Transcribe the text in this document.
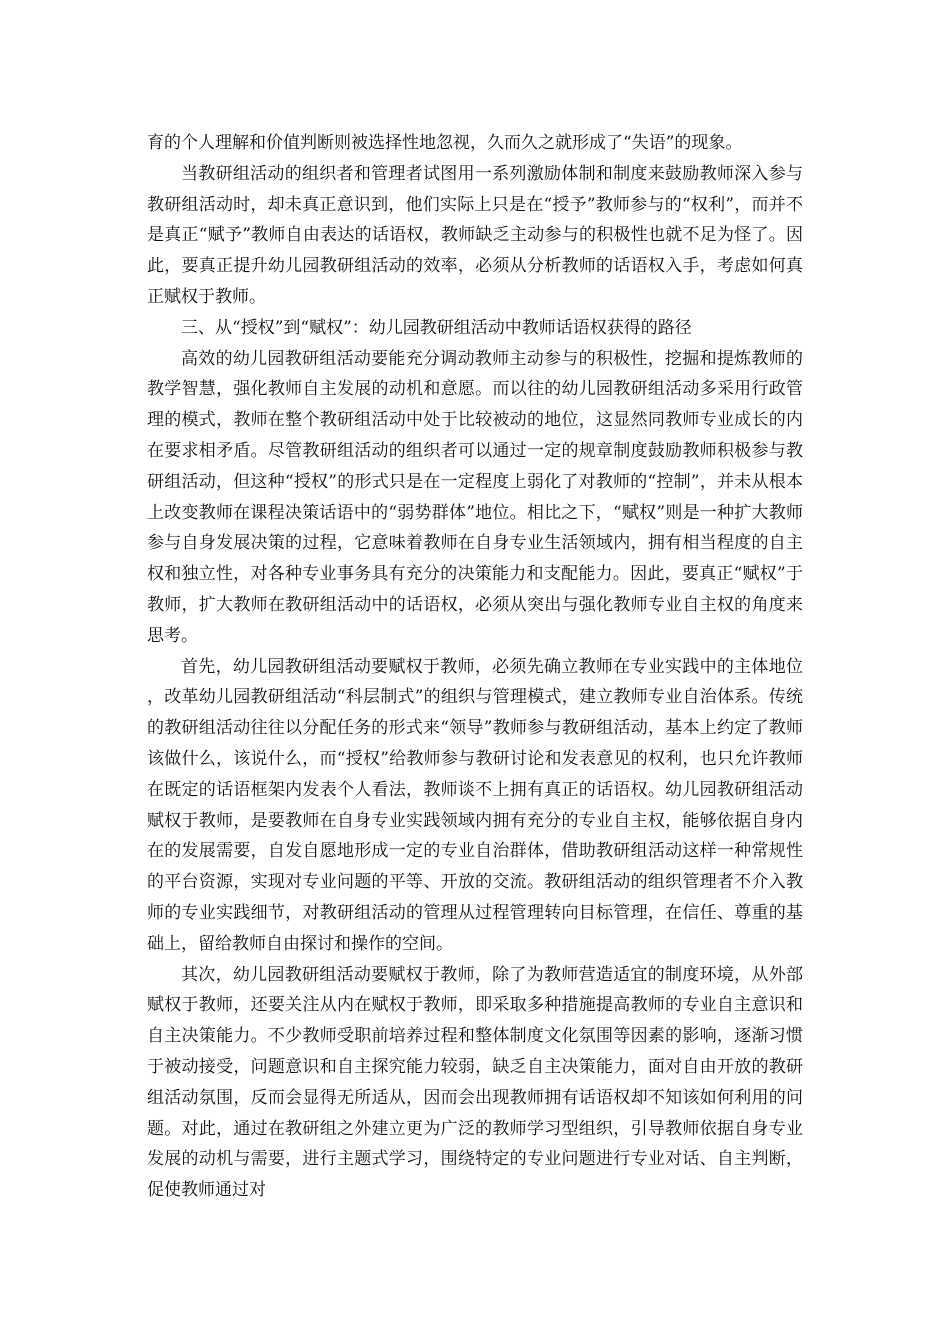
育的个人理解和价值判断则被选择性地忽视，久而久之就形成了“失语”的现象。

当教研组活动的组织者和管理者试图用一系列激励体制和制度来鼓励教师深入参与教研组活动时，却未真正意识到，他们实际上只是在“授予”教师参与的“权利”，而并不是真正“赋予”教师自由表达的话语权，教师缺乏主动参与的积极性也就不足为怪了。因此，要真正提升幼儿园教研组活动的效率，必须从分析教师的话语权入手，考虑如何真正赋权于教师。

三、从“授权”到“赋权”：幼儿园教研组活动中教师话语权获得的路径

高效的幼儿园教研组活动要能充分调动教师主动参与的积极性，挖掘和提炼教师的教学智慧，强化教师自主发展的动机和意愿。而以往的幼儿园教研组活动多采用行政管理的模式，教师在整个教研组活动中处于比较被动的地位，这显然同教师专业成长的内在要求相矛盾。尽管教研组活动的组织者可以通过一定的规章制度鼓励教师积极参与教研组活动，但这种“授权”的形式只是在一定程度上弱化了对教师的“控制”，并未从根本上改变教师在课程决策话语中的“弱势群体”地位。相比之下，“赋权”则是一种扩大教师参与自身发展决策的过程，它意味着教师在自身专业生活领域内，拥有相当程度的自主权和独立性，对各种专业事务具有充分的决策能力和支配能力。因此，要真正“赋权”于教师，扩大教师在教研组活动中的话语权，必须从突出与强化教师专业自主权的角度来思考。

首先，幼儿园教研组活动要赋权于教师，必须先确立教师在专业实践中的主体地位，改革幼儿园教研组活动“科层制式”的组织与管理模式，建立教师专业自治体系。传统的教研组活动往往以分配任务的形式来“领导”教师参与教研组活动，基本上约定了教师该做什么，该说什么，而“授权”给教师参与教研讨论和发表意见的权利，也只允许教师在既定的话语框架内发表个人看法，教师谈不上拥有真正的话语权。幼儿园教研组活动赋权于教师，是要教师在自身专业实践领域内拥有充分的专业自主权，能够依据自身内在的发展需要，自发自愿地形成一定的专业自治群体，借助教研组活动这样一种常规性的平台资源，实现对专业问题的平等、开放的交流。教研组活动的组织管理者不介入教师的专业实践细节，对教研组活动的管理从过程管理转向目标管理，在信任、尊重的基础上，留给教师自由探讨和操作的空间。

其次，幼儿园教研组活动要赋权于教师，除了为教师营造适宜的制度环境，从外部赋权于教师，还要关注从内在赋权于教师，即采取多种措施提高教师的专业自主意识和自主决策能力。不少教师受职前培养过程和整体制度文化氛围等因素的影响，逐渐习惯于被动接受，问题意识和自主探究能力较弱，缺乏自主决策能力，面对自由开放的教研组活动氛围，反而会显得无所适从，因而会出现教师拥有话语权却不知该如何利用的问题。对此，通过在教研组之外建立更为广泛的教师学习型组织，引导教师依据自身专业发展的动机与需要，进行主题式学习，围绕特定的专业问题进行专业对话、自主判断，促使教师通过对
